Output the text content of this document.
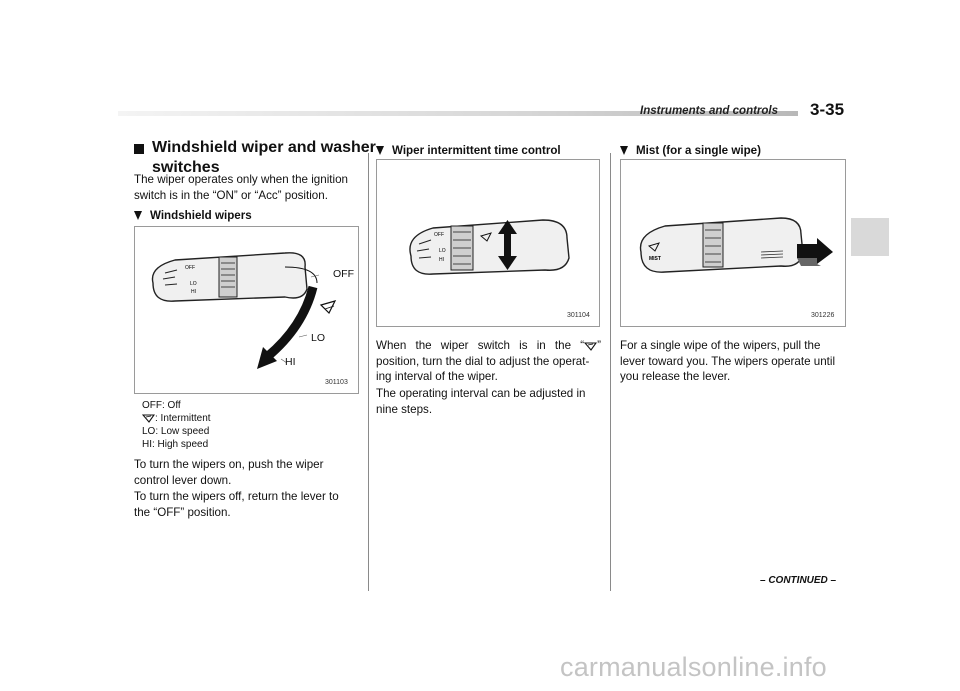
Instruments and controls 3-35
Windshield wiper and washer
switches
The wiper operates only when the ignition
switch is in the “ON” or “Acc” position.
Windshield wipers
OFF
LO
HI
OFF
LO
HI
301103
OFF: Off
: Intermittent
LO: Low speed
HI: High speed
To turn the wipers on, push the wiper
control lever down.
To turn the wipers off, return the lever to
the “OFF” position.
Wiper intermittent time control
OFF
LO
HI
301104
When the wiper switch is in the “ ”
position, turn the dial to adjust the operat-
ing interval of the wiper.
The operating interval can be adjusted in
nine steps.
Mist (for a single wipe)
MIST
301226
For a single wipe of the wipers, pull the
lever toward you. The wipers operate until
you release the lever.
– CONTINUED –
carmanualsonline.info
